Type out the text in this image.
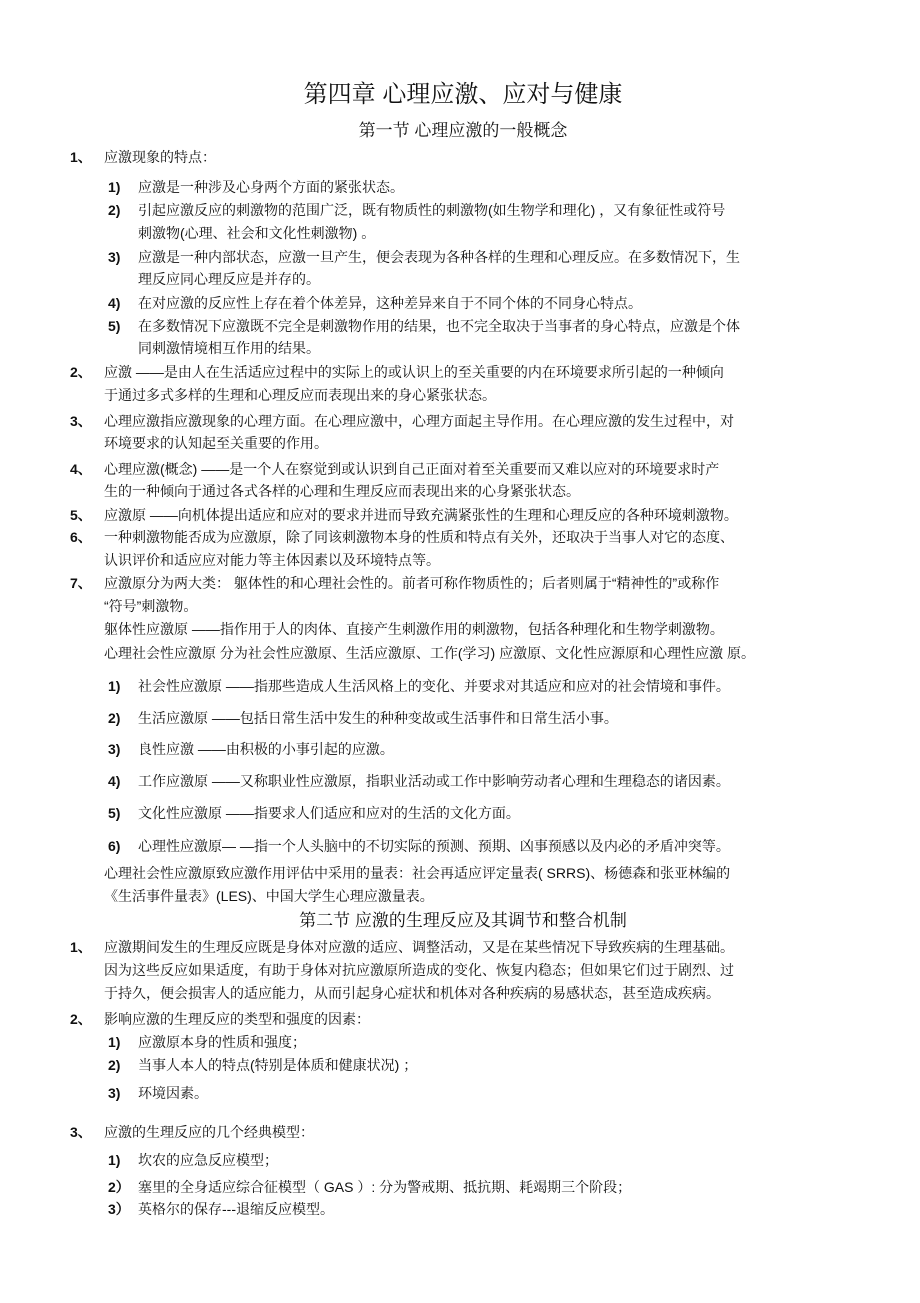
第四章 心理应激、应对与健康
第一节 心理应激的一般概念
第二节 应激的生理反应及其调节和整合机制
1、 应激现象的特点：
1) 应激是一种涉及心身两个方面的紧张状态。
2) 引起应激反应的刺激物的范围广泛，既有物质性的刺激物(如生物学和理化) ，又有象征性或符号
刺激物(心理、社会和文化性刺激物) 。
3) 应激是一种内部状态，应激一旦产生，便会表现为各种各样的生理和心理反应。在多数情况下，生
理反应同心理反应是并存的。
4) 在对应激的反应性上存在着个体差异，这种差异来自于不同个体的不同身心特点。
5) 在多数情况下应激既不完全是刺激物作用的结果，也不完全取决于当事者的身心特点，应激是个体
同刺激情境相互作用的结果。
2、 应激 ——是由人在生活适应过程中的实际上的或认识上的至关重要的内在环境要求所引起的一种倾向
于通过多式多样的生理和心理反应而表现出来的身心紧张状态。
3、 心理应激指应激现象的心理方面。在心理应激中，心理方面起主导作用。在心理应激的发生过程中，对
环境要求的认知起至关重要的作用。
4、 心理应激(概念) ——是一个人在察觉到或认识到自己正面对着至关重要而又难以应对的环境要求时产
生的一种倾向于通过各式各样的心理和生理反应而表现出来的心身紧张状态。
5、 应激原 ——向机体提出适应和应对的要求并进而导致充满紧张性的生理和心理反应的各种环境刺激物。
6、 一种刺激物能否成为应激原，除了同该刺激物本身的性质和特点有关外，还取决于当事人对它的态度、
认识评价和适应应对能力等主体因素以及环境特点等。
7、 应激原分为两大类： 躯体性的和心理社会性的。前者可称作物质性的；后者则属于“精神性的”或称作
“符号”刺激物。
躯体性应激原 ——指作用于人的肉体、直接产生刺激作用的刺激物，包括各种理化和生物学刺激物。
心理社会性应激原 分为社会性应激原、生活应激原、工作(学习) 应激原、文化性应源原和心理性应激 原。
1) 社会性应激原 ——指那些造成人生活风格上的变化、并要求对其适应和应对的社会情境和事件。
2) 生活应激原 ——包括日常生活中发生的种种变故或生活事件和日常生活小事。
3) 良性应激 ——由积极的小事引起的应激。
4) 工作应激原 ——又称职业性应激原，指职业活动或工作中影响劳动者心理和生理稳态的诸因素。
5) 文化性应激原 ——指要求人们适应和应对的生活的文化方面。
6) 心理性应激原— —指一个人头脑中的不切实际的预测、预期、凶事预感以及内必的矛盾冲突等。
心理社会性应激原致应激作用评估中采用的量表：社会再适应评定量表( SRRS)、杨德森和张亚林编的
《生活事件量表》(LES)、中国大学生心理应激量表。
1、 应激期间发生的生理反应既是身体对应激的适应、调整活动，又是在某些情况下导致疾病的生理基础。
因为这些反应如果适度，有助于身体对抗应激原所造成的变化、恢复内稳态；但如果它们过于剧烈、过
于持久，便会损害人的适应能力，从而引起身心症状和机体对各种疾病的易感状态，甚至造成疾病。
2、 影响应激的生理反应的类型和强度的因素：
1) 应激原本身的性质和强度；
2) 当事人本人的特点(特别是体质和健康状况) ；
3) 环境因素。
3、 应激的生理反应的几个经典模型：
1) 坎农的应急反应模型；
2） 塞里的全身适应综合征模型（ GAS ）: 分为警戒期、抵抗期、耗竭期三个阶段；
3） 英格尔的保存---退缩反应模型。
